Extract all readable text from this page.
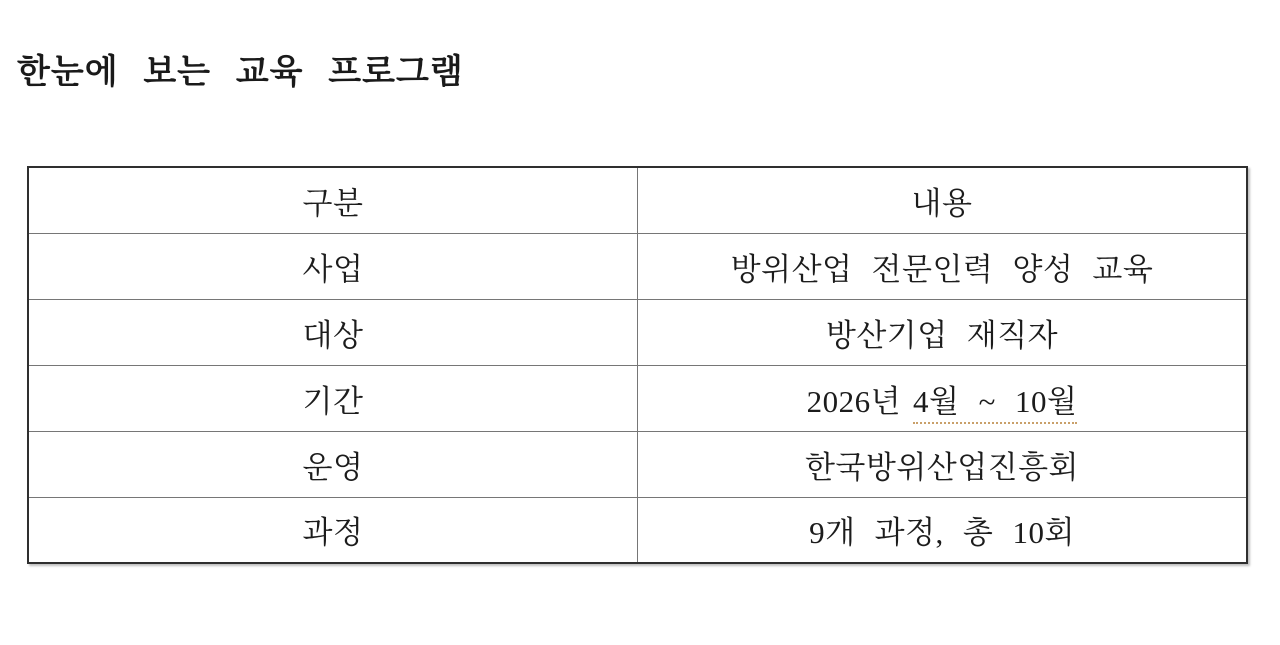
한눈에 보는 교육 프로그램
구분	내용
사업	방위산업 전문인력 양성 교육
대상	방산기업 재직자
기간	2026년 4월 ~ 10월
운영	한국방위산업진흥회
과정	9개 과정, 총 10회
